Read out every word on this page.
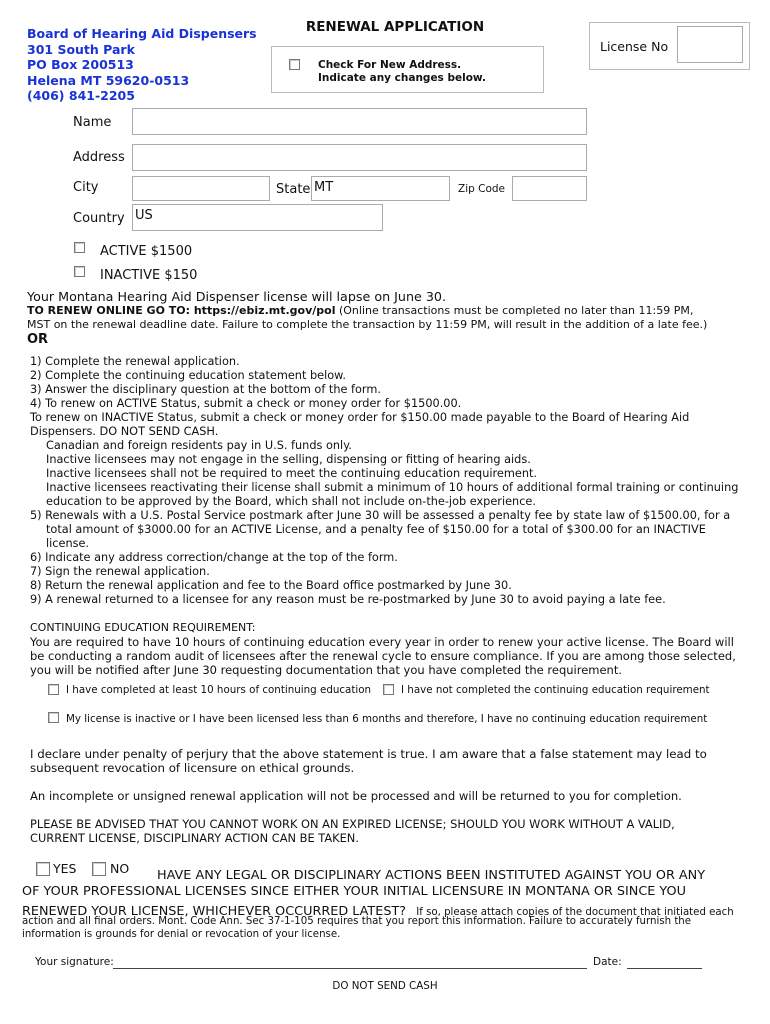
Board of Hearing Aid Dispensers
301 South Park
PO Box 200513
Helena MT 59620-0513
(406) 841-2205
RENEWAL APPLICATION
Check For New Address.
Indicate any changes below.
License No
Name
Address
City	State MT	Zip Code
Country US
ACTIVE $1500
INACTIVE $150
Your Montana Hearing Aid Dispenser license will lapse on June 30.
TO RENEW ONLINE GO TO: https://ebiz.mt.gov/pol (Online transactions must be completed no later than 11:59 PM,
MST on the renewal deadline date. Failure to complete the transaction by 11:59 PM, will result in the addition of a late fee.)
OR
1) Complete the renewal application.
2) Complete the continuing education statement below.
3) Answer the disciplinary question at the bottom of the form.
4) To renew on ACTIVE Status, submit a check or money order for $1500.00.
To renew on INACTIVE Status, submit a check or money order for $150.00 made payable to the Board of Hearing Aid
Dispensers. DO NOT SEND CASH.
Canadian and foreign residents pay in U.S. funds only.
Inactive licensees may not engage in the selling, dispensing or fitting of hearing aids.
Inactive licensees shall not be required to meet the continuing education requirement.
Inactive licensees reactivating their license shall submit a minimum of 10 hours of additional formal training or continuing
education to be approved by the Board, which shall not include on-the-job experience.
5) Renewals with a U.S. Postal Service postmark after June 30 will be assessed a penalty fee by state law of $1500.00, for a
total amount of $3000.00 for an ACTIVE License, and a penalty fee of $150.00 for a total of $300.00 for an INACTIVE
license.
6) Indicate any address correction/change at the top of the form.
7) Sign the renewal application.
8) Return the renewal application and fee to the Board office postmarked by June 30.
9) A renewal returned to a licensee for any reason must be re-postmarked by June 30 to avoid paying a late fee.
CONTINUING EDUCATION REQUIREMENT:
You are required to have 10 hours of continuing education every year in order to renew your active license. The Board will
be conducting a random audit of licensees after the renewal cycle to ensure compliance. If you are among those selected,
you will be notified after June 30 requesting documentation that you have completed the requirement.
I have completed at least 10 hours of continuing education	I have not completed the continuing education requirement
My license is inactive or I have been licensed less than 6 months and therefore, I have no continuing education requirement
I declare under penalty of perjury that the above statement is true. I am aware that a false statement may lead to
subsequent revocation of licensure on ethical grounds.
An incomplete or unsigned renewal application will not be processed and will be returned to you for completion.
PLEASE BE ADVISED THAT YOU CANNOT WORK ON AN EXPIRED LICENSE; SHOULD YOU WORK WITHOUT A VALID,
CURRENT LICENSE, DISCIPLINARY ACTION CAN BE TAKEN.
YES	NO HAVE ANY LEGAL OR DISCIPLINARY ACTIONS BEEN INSTITUTED AGAINST YOU OR ANY
OF YOUR PROFESSIONAL LICENSES SINCE EITHER YOUR INITIAL LICENSURE IN MONTANA OR SINCE YOU
RENEWED YOUR LICENSE, WHICHEVER OCCURRED LATEST? If so, please attach copies of the document that initiated each
action and all final orders. Mont. Code Ann. Sec 37-1-105 requires that you report this information. Failure to accurately furnish the
information is grounds for denial or revocation of your license.
Your signature:	Date:
DO NOT SEND CASH
